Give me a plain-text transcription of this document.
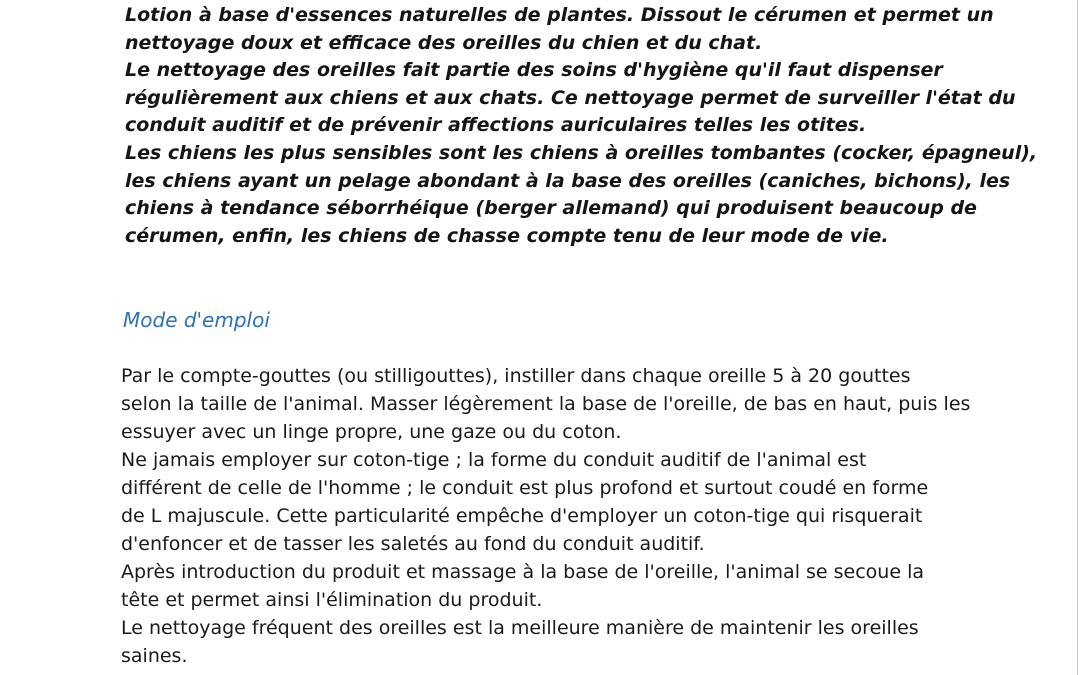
Lotion à base d'essences naturelles de plantes. Dissout le cérumen et permet un
nettoyage doux et efficace des oreilles du chien et du chat.
Le nettoyage des oreilles fait partie des soins d'hygiène qu'il faut dispenser
régulièrement aux chiens et aux chats. Ce nettoyage permet de surveiller l'état du
conduit auditif et de prévenir affections auriculaires telles les otites.
Les chiens les plus sensibles sont les chiens à oreilles tombantes (cocker, épagneul),
les chiens ayant un pelage abondant à la base des oreilles (caniches, bichons), les
chiens à tendance séborrhéique (berger allemand) qui produisent beaucoup de
cérumen, enfin, les chiens de chasse compte tenu de leur mode de vie.
Mode d'emploi
Par le compte-gouttes (ou stilligouttes), instiller dans chaque oreille 5 à 20 gouttes
selon la taille de l'animal. Masser légèrement la base de l'oreille, de bas en haut, puis les
essuyer avec un linge propre, une gaze ou du coton.
Ne jamais employer sur coton-tige ; la forme du conduit auditif de l'animal est
différent de celle de l'homme ; le conduit est plus profond et surtout coudé en forme
de L majuscule. Cette particularité empêche d'employer un coton-tige qui risquerait
d'enfoncer et de tasser les saletés au fond du conduit auditif.
Après introduction du produit et massage à la base de l'oreille, l'animal se secoue la
tête et permet ainsi l'élimination du produit.
Le nettoyage fréquent des oreilles est la meilleure manière de maintenir les oreilles
saines.
